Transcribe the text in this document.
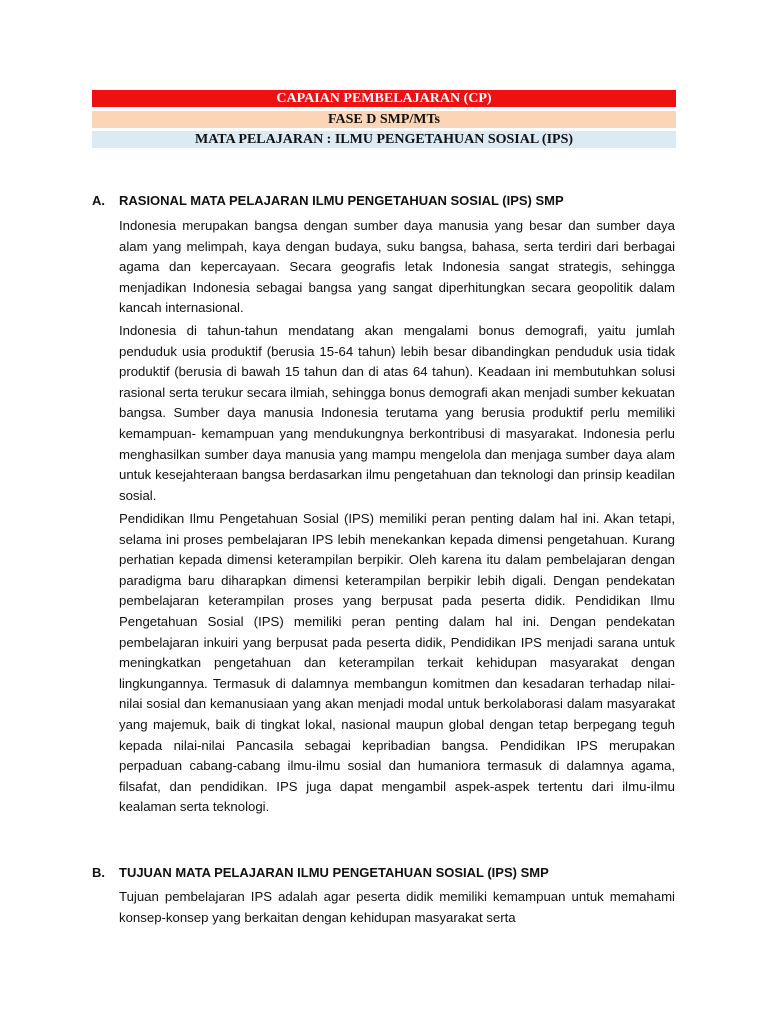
CAPAIAN PEMBELAJARAN (CP)
FASE D SMP/MTs
MATA PELAJARAN : ILMU PENGETAHUAN SOSIAL (IPS)
A. RASIONAL MATA PELAJARAN ILMU PENGETAHUAN SOSIAL (IPS) SMP

Indonesia merupakan bangsa dengan sumber daya manusia yang besar dan sumber daya alam yang melimpah, kaya dengan budaya, suku bangsa, bahasa, serta terdiri dari berbagai agama dan kepercayaan. Secara geografis letak Indonesia sangat strategis, sehingga menjadikan Indonesia sebagai bangsa yang sangat diperhitungkan secara geopolitik dalam kancah internasional.

Indonesia di tahun-tahun mendatang akan mengalami bonus demografi, yaitu jumlah penduduk usia produktif (berusia 15-64 tahun) lebih besar dibandingkan penduduk usia tidak produktif (berusia di bawah 15 tahun dan di atas 64 tahun). Keadaan ini membutuhkan solusi rasional serta terukur secara ilmiah, sehingga bonus demografi akan menjadi sumber kekuatan bangsa. Sumber daya manusia Indonesia terutama yang berusia produktif perlu memiliki kemampuan- kemampuan yang mendukungnya berkontribusi di masyarakat. Indonesia perlu menghasilkan sumber daya manusia yang mampu mengelola dan menjaga sumber daya alam untuk kesejahteraan bangsa berdasarkan ilmu pengetahuan dan teknologi dan prinsip keadilan sosial.

Pendidikan Ilmu Pengetahuan Sosial (IPS) memiliki peran penting dalam hal ini. Akan tetapi, selama ini proses pembelajaran IPS lebih menekankan kepada dimensi pengetahuan. Kurang perhatian kepada dimensi keterampilan berpikir. Oleh karena itu dalam pembelajaran dengan paradigma baru diharapkan dimensi keterampilan berpikir lebih digali. Dengan pendekatan pembelajaran keterampilan proses yang berpusat pada peserta didik. Pendidikan Ilmu Pengetahuan Sosial (IPS) memiliki peran penting dalam hal ini. Dengan pendekatan pembelajaran inkuiri yang berpusat pada peserta didik, Pendidikan IPS menjadi sarana untuk meningkatkan pengetahuan dan keterampilan terkait kehidupan masyarakat dengan lingkungannya. Termasuk di dalamnya membangun komitmen dan kesadaran terhadap nilai-nilai sosial dan kemanusiaan yang akan menjadi modal untuk berkolaborasi dalam masyarakat yang majemuk, baik di tingkat lokal, nasional maupun global dengan tetap berpegang teguh kepada nilai-nilai Pancasila sebagai kepribadian bangsa. Pendidikan IPS merupakan perpaduan cabang-cabang ilmu-ilmu sosial dan humaniora termasuk di dalamnya agama, filsafat, dan pendidikan. IPS juga dapat mengambil aspek-aspek tertentu dari ilmu-ilmu kealaman serta teknologi.

B. TUJUAN MATA PELAJARAN ILMU PENGETAHUAN SOSIAL (IPS) SMP

Tujuan pembelajaran IPS adalah agar peserta didik memiliki kemampuan untuk memahami konsep-konsep yang berkaitan dengan kehidupan masyarakat serta
